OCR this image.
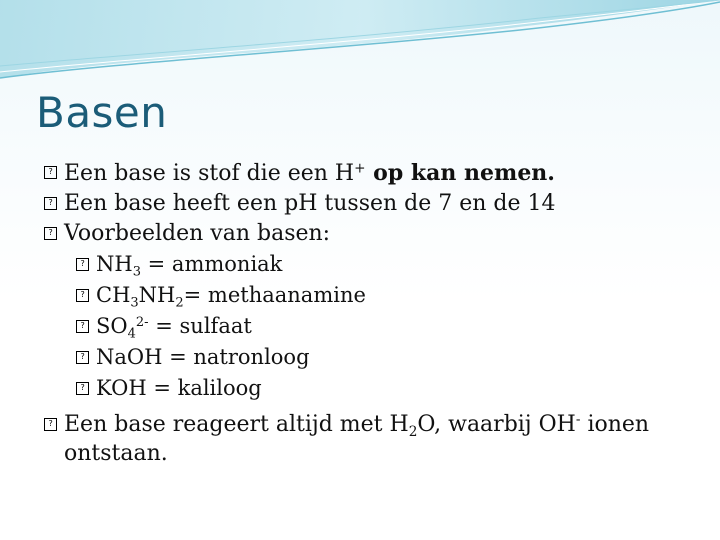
Basen
? Een base is stof die een H+ op kan nemen.
? Een base heeft een pH tussen de 7 en de 14
? Voorbeelden van basen:
? $NH_3$ = ammoniak
? $CH_3NH_2=$ methaanamine
? $SO_4^{2-}$ = sulfaat
? NaOH = natronloog
? KOH = kaliloog
? Een base reageert altijd met $H_2O$, waarbij OH- ionen
ontstaan.
